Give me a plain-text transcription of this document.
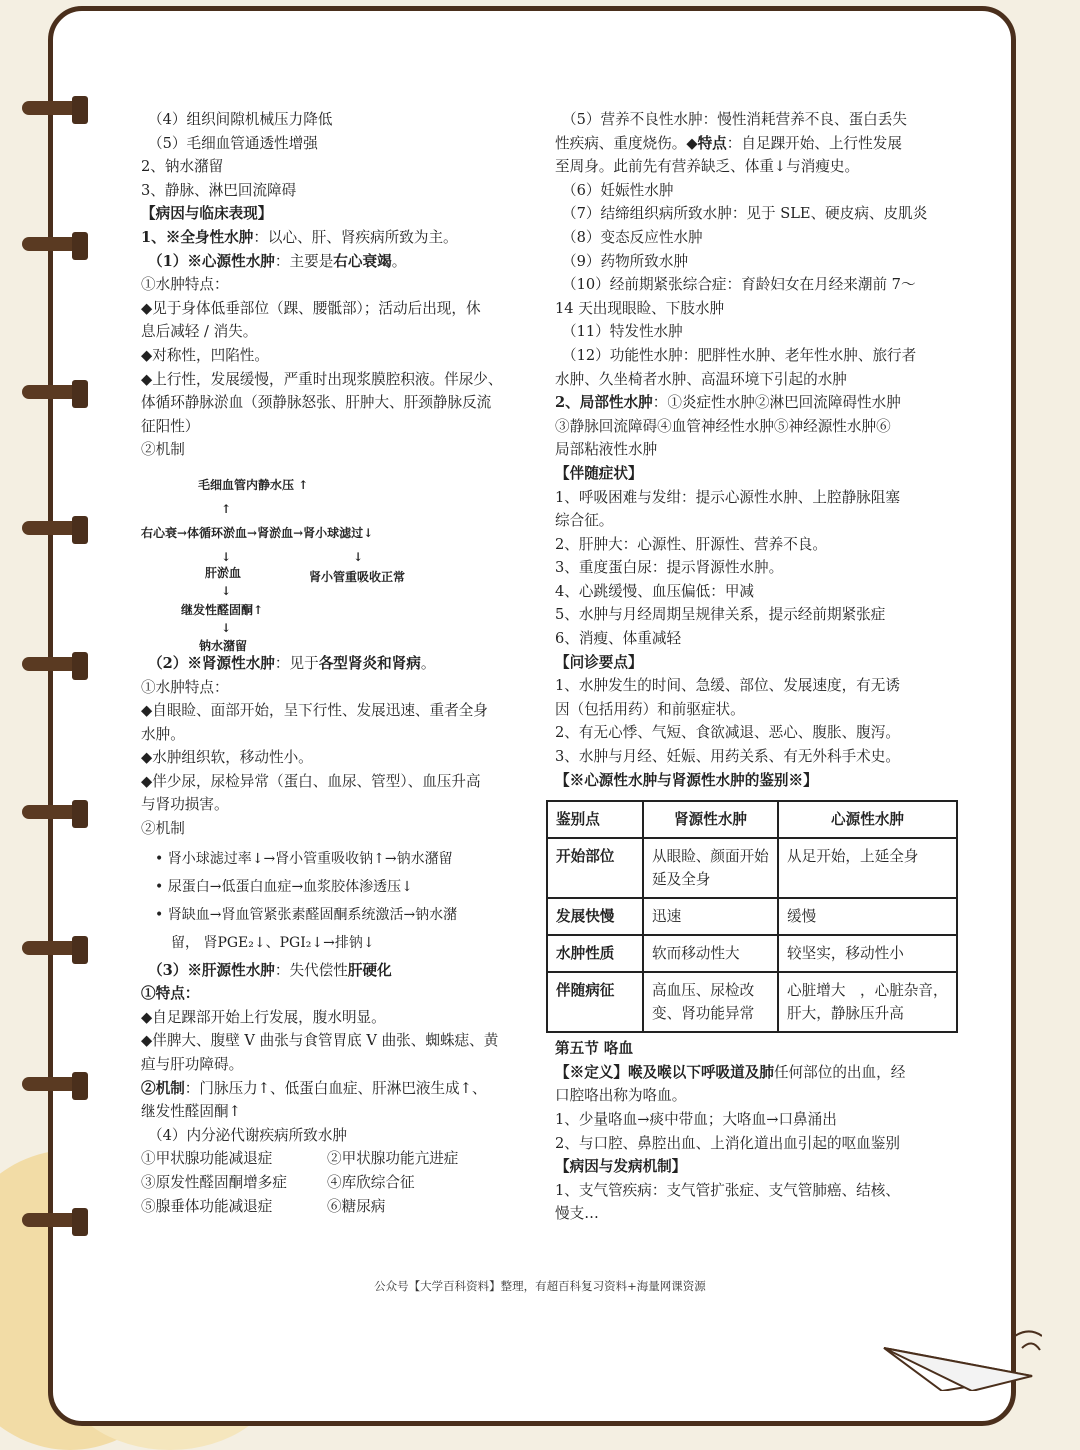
（4）组织间隙机械压力降低

（5）毛细血管通透性增强

2、钠水潴留

3、静脉、淋巴回流障碍

【病因与临床表现】

1、※全身性水肿：以心、肝、肾疾病所致为主。

（1）※心源性水肿：主要是右心衰竭。

①水肿特点：

◆见于身体低垂部位（踝、腰骶部）；活动后出现，休

息后减轻 / 消失。

◆对称性，凹陷性。

◆上行性，发展缓慢，严重时出现浆膜腔积液。伴尿少、

体循环静脉淤血（颈静脉怒张、肝肿大、肝颈静脉反流

征阳性）

②机制

毛细血管内静水压 ↑
↑
右心衰→体循环淤血→肾淤血→肾小球滤过↓
↓	↓
肝淤血	肾小管重吸收正常
↓
继发性醛固酮↑
↓
钠水潴留

（2）※肾源性水肿：见于各型肾炎和肾病。

①水肿特点：

◆自眼睑、面部开始，呈下行性、发展迅速、重者全身

水肿。

◆水肿组织软，移动性小。

◆伴少尿，尿检异常（蛋白、血尿、管型）、血压升高

与肾功损害。

②机制

• 肾小球滤过率↓→肾小管重吸收钠↑→钠水潴留

• 尿蛋白→低蛋白血症→血浆胶体渗透压↓

• 肾缺血→肾血管紧张素醛固酮系统激活→钠水潴

留， 肾PGE₂↓、PGI₂↓→排钠↓

（3）※肝源性水肿：失代偿性肝硬化

①特点：

◆自足踝部开始上行发展，腹水明显。

◆伴脾大、腹壁 V 曲张与食管胃底 V 曲张、蜘蛛痣、黄

疸与肝功障碍。

②机制：门脉压力↑、低蛋白血症、肝淋巴液生成↑、

继发性醛固酮↑

（4）内分泌代谢疾病所致水肿

①甲状腺功能减退症	②甲状腺功能亢进症

③原发性醛固酮增多症	④库欣综合征

⑤腺垂体功能减退症	⑥糖尿病

（5）营养不良性水肿：慢性消耗营养不良、蛋白丢失

性疾病、重度烧伤。◆特点：自足踝开始、上行性发展

至周身。此前先有营养缺乏、体重↓与消瘦史。

（6）妊娠性水肿

（7）结缔组织病所致水肿：见于 SLE、硬皮病、皮肌炎

（8）变态反应性水肿

（9）药物所致水肿

（10）经前期紧张综合症：育龄妇女在月经来潮前 7～

14 天出现眼睑、下肢水肿

（11）特发性水肿

（12）功能性水肿：肥胖性水肿、老年性水肿、旅行者

水肿、久坐椅者水肿、高温环境下引起的水肿

2、局部性水肿：①炎症性水肿②淋巴回流障碍性水肿

③静脉回流障碍④血管神经性水肿⑤神经源性水肿⑥

局部粘液性水肿

【伴随症状】

1、呼吸困难与发绀：提示心源性水肿、上腔静脉阻塞

综合征。

2、肝肿大：心源性、肝源性、营养不良。

3、重度蛋白尿：提示肾源性水肿。

4、心跳缓慢、血压偏低：甲减

5、水肿与月经周期呈规律关系，提示经前期紧张症

6、消瘦、体重减轻

【问诊要点】

1、水肿发生的时间、急缓、部位、发展速度，有无诱

因（包括用药）和前驱症状。

2、有无心悸、气短、食欲减退、恶心、腹胀、腹泻。

3、水肿与月经、妊娠、用药关系、有无外科手术史。

【※心源性水肿与肾源性水肿的鉴别※】

鉴别点	肾源性水肿	心源性水肿
开始部位	从眼睑、颜面开始延及全身	从足开始，上延全身
发展快慢	迅速	缓慢
水肿性质	软而移动性大	较坚实，移动性小
伴随病征	高血压、尿检改变、肾功能异常	心脏增大　，心脏杂音，肝大，静脉压升高

第五节 咯血

【※定义】喉及喉以下呼吸道及肺任何部位的出血，经

口腔咯出称为咯血。

1、少量咯血→痰中带血；大咯血→口鼻涌出

2、与口腔、鼻腔出血、上消化道出血引起的呕血鉴别

【病因与发病机制】

1、支气管疾病：支气管扩张症、支气管肺癌、结核、

慢支…

公众号【大学百科资料】整理，有超百科复习资料+海量网课资源
